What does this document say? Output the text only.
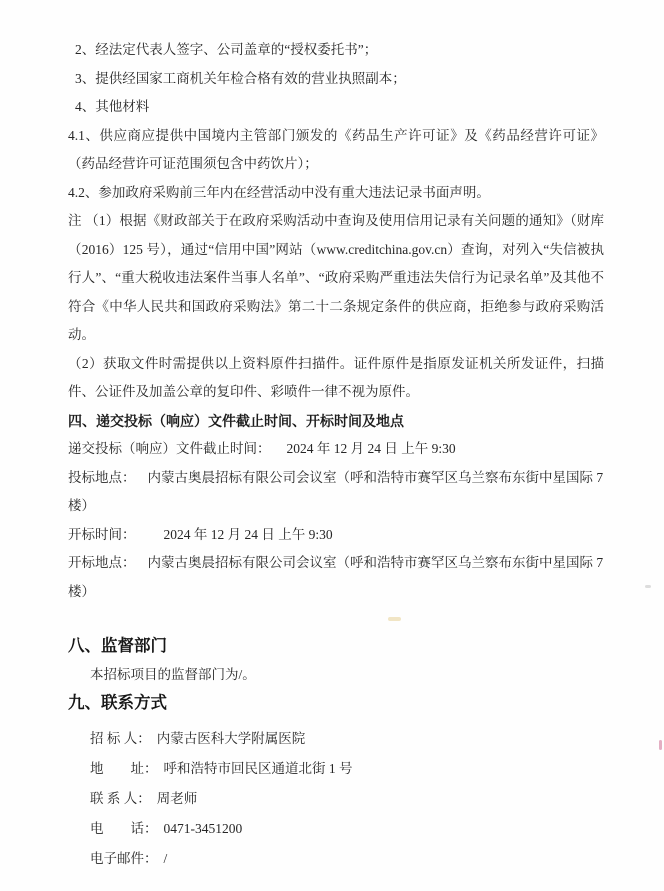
2、经法定代表人签字、公司盖章的“授权委托书”；

3、提供经国家工商机关年检合格有效的营业执照副本；

4、其他材料

4.1、供应商应提供中国境内主管部门颁发的《药品生产许可证》及《药品经营许可证》（药品经营许可证范围须包含中药饮片）；

4.2、参加政府采购前三年内在经营活动中没有重大违法记录书面声明。

注 （1）根据《财政部关于在政府采购活动中查询及使用信用记录有关问题的通知》（财库（2016）125 号），通过“信用中国”网站（www.creditchina.gov.cn）查询，对列入“失信被执行人”、“重大税收违法案件当事人名单”、“政府采购严重违法失信行为记录名单”及其他不符合《中华人民共和国政府采购法》第二十二条规定条件的供应商，拒绝参与政府采购活动。

（2）获取文件时需提供以上资料原件扫描件。证件原件是指原发证机关所发证件，扫描件、公证件及加盖公章的复印件、彩喷件一律不视为原件。

四、递交投标（响应）文件截止时间、开标时间及地点

递交投标（响应）文件截止时间： 2024 年 12 月 24 日 上午 9:30

投标地点： 内蒙古奥晨招标有限公司会议室（呼和浩特市赛罕区乌兰察布东街中星国际 7 楼）

开标时间： 2024 年 12 月 24 日 上午 9:30

开标地点： 内蒙古奥晨招标有限公司会议室（呼和浩特市赛罕区乌兰察布东街中星国际 7 楼）

八、监督部门

本招标项目的监督部门为/。

九、联系方式

招 标 人： 内蒙古医科大学附属医院

地　　址： 呼和浩特市回民区通道北街 1 号

联 系 人： 周老师

电　　话： 0471-3451200

电子邮件： /
